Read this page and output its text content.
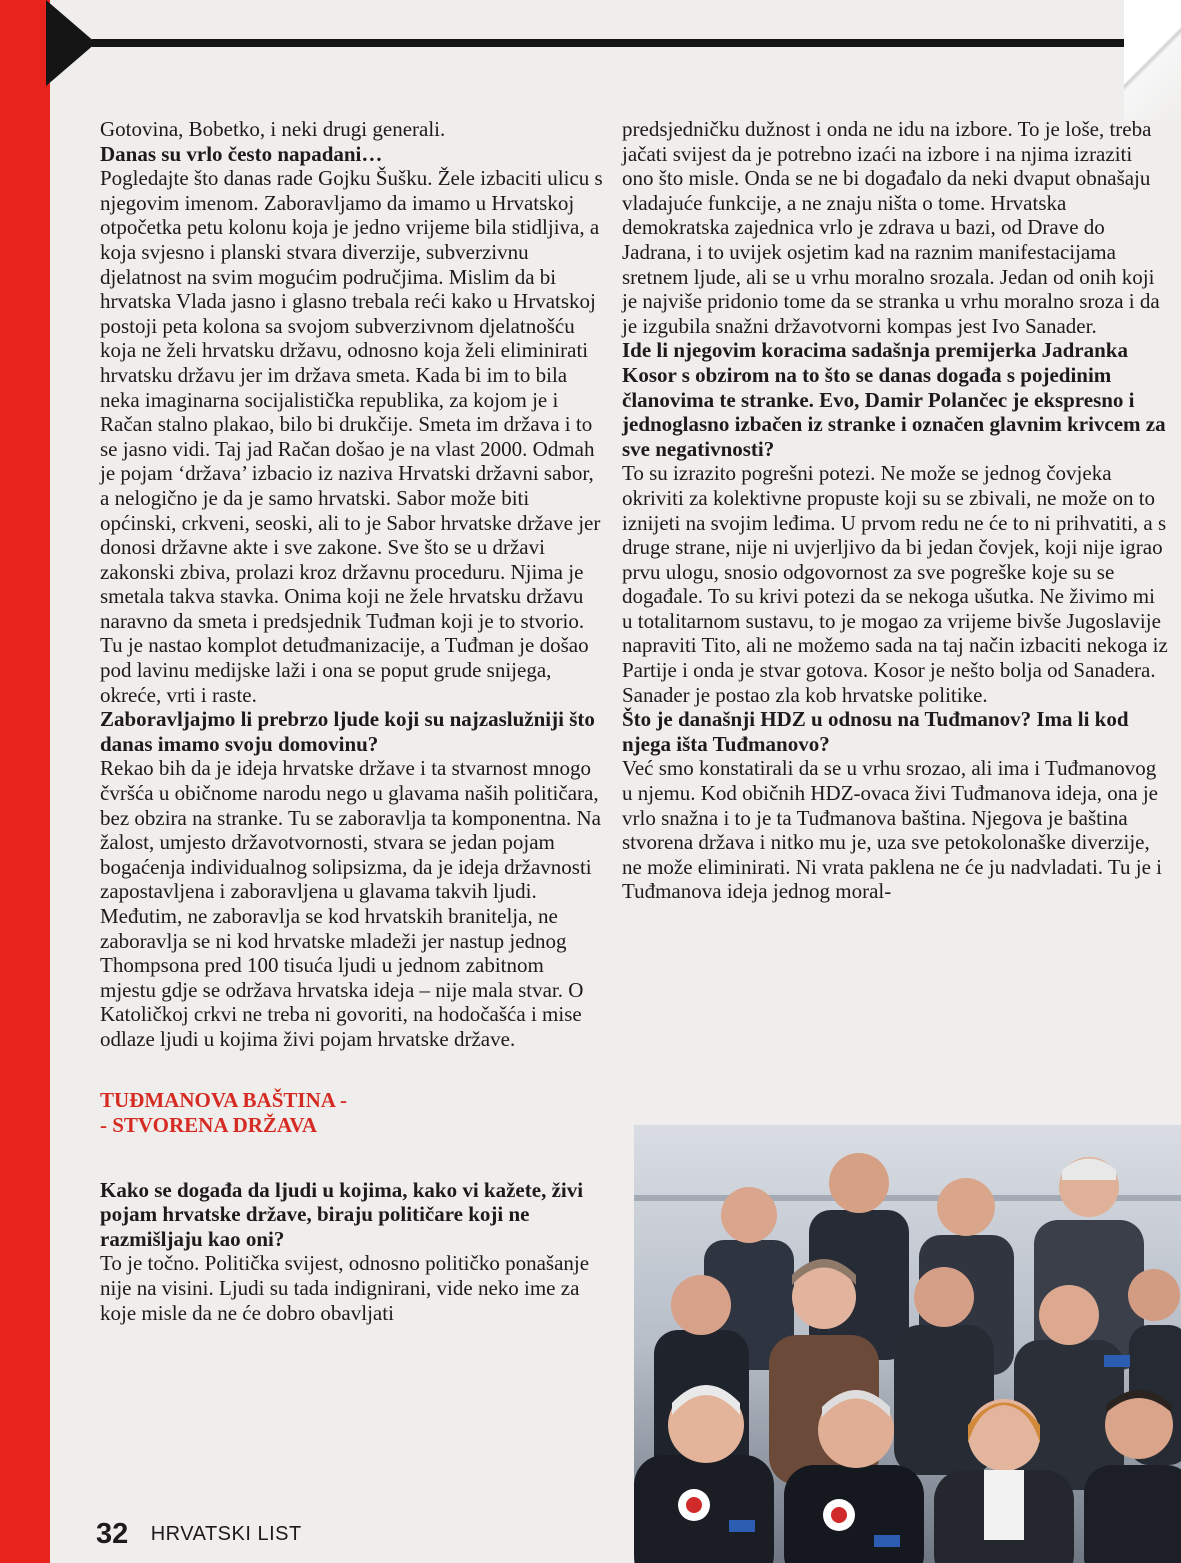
Gotovina, Bobetko, i neki drugi generali.

Danas su vrlo često napadani…

Pogledajte što danas rade Gojku Šušku. Žele izbaciti ulicu s njegovim imenom. Zaboravljamo da imamo u Hrvatskoj otpočetka petu kolonu koja je jedno vrijeme bila stidljiva, a koja svjesno i planski stvara diverzije, subverzivnu djelatnost na svim mogućim područjima. Mislim da bi hrvatska Vlada jasno i glasno trebala reći kako u Hrvatskoj postoji peta kolona sa svojom subverzivnom djelatnošću koja ne želi hrvatsku državu, odnosno koja želi eliminirati hrvatsku državu jer im država smeta. Kada bi im to bila neka imaginarna socijalistička republika, za kojom je i Račan stalno plakao, bilo bi drukčije. Smeta im država i to se jasno vidi. Taj jad Račan došao je na vlast 2000. Odmah je pojam ‘država’ izbacio iz naziva Hrvatski državni sabor, a nelogično je da je samo hrvatski. Sabor može biti općinski, crkveni, seoski, ali to je Sabor hrvatske države jer donosi državne akte i sve zakone. Sve što se u državi zakonski zbiva, prolazi kroz državnu proceduru. Njima je smetala takva stavka. Onima koji ne žele hrvatsku državu naravno da smeta i predsjednik Tuđman koji je to stvorio. Tu je nastao komplot detuđmanizacije, a Tuđman je došao pod lavinu medijske laži i ona se poput grude snijega, okreće, vrti i raste.

Zaboravljajmo li prebrzo ljude koji su najzaslužniji što danas imamo svoju domovinu?

Rekao bih da je ideja hrvatske države i ta stvarnost mnogo čvršća u običnome narodu nego u glavama naših političara, bez obzira na stranke. Tu se zaboravlja ta komponentna. Na žalost, umjesto državotvornosti, stvara se jedan pojam bogaćenja individualnog solipsizma, da je ideja državnosti zapostavljena i zaboravljena u glavama takvih ljudi. Međutim, ne zaboravlja se kod hrvatskih branitelja, ne zaboravlja se ni kod hrvatske mladeži jer nastup jednog Thompsona pred 100 tisuća ljudi u jednom zabitnom mjestu gdje se održava hrvatska ideja – nije mala stvar. O Katoličkoj crkvi ne treba ni govoriti, na hodočašća i mise odlaze ljudi u kojima živi pojam hrvatske države.

TUĐMANOVA BAŠTINA -
- STVORENA DRŽAVA

Kako se događa da ljudi u kojima, kako vi kažete, živi pojam hrvatske države, biraju političare koji ne razmišljaju kao oni?

To je točno. Politička svijest, odnosno političko ponašanje nije na visini. Ljudi su tada indignirani, vide neko ime za koje misle da ne će dobro obavljati

predsjedničku dužnost i onda ne idu na izbore. To je loše, treba jačati svijest da je potrebno izaći na izbore i na njima izraziti ono što misle. Onda se ne bi događalo da neki dvaput obnašaju vladajuće funkcije, a ne znaju ništa o tome. Hrvatska demokratska zajednica vrlo je zdrava u bazi, od Drave do Jadrana, i to uvijek osjetim kad na raznim manifestacijama sretnem ljude, ali se u vrhu moralno srozala. Jedan od onih koji je najviše pridonio tome da se stranka u vrhu moralno sroza i da je izgubila snažni državotvorni kompas jest Ivo Sanader.

Ide li njegovim koracima sadašnja premijerka Jadranka Kosor s obzirom na to što se danas događa s pojedinim članovima te stranke. Evo, Damir Polančec je ekspresno i jednoglasno izbačen iz stranke i označen glavnim krivcem za sve negativnosti?

To su izrazito pogrešni potezi. Ne može se jednog čovjeka okriviti za kolektivne propuste koji su se zbivali, ne može on to iznijeti na svojim leđima. U prvom redu ne će to ni prihvatiti, a s druge strane, nije ni uvjerljivo da bi jedan čovjek, koji nije igrao prvu ulogu, snosio odgovornost za sve pogreške koje su se događale. To su krivi potezi da se nekoga ušutka. Ne živimo mi u totalitarnom sustavu, to je mogao za vrijeme bivše Jugoslavije napraviti Tito, ali ne možemo sada na taj način izbaciti nekoga iz Partije i onda je stvar gotova. Kosor je nešto bolja od Sanadera. Sanader je postao zla kob hrvatske politike.

Što je današnji HDZ u odnosu na Tuđmanov? Ima li kod njega išta Tuđmanovo?

Već smo konstatirali da se u vrhu srozao, ali ima i Tuđmanovog u njemu. Kod običnih HDZ-ovaca živi Tuđmanova ideja, ona je vrlo snažna i to je ta Tuđmanova baština. Njegova je baština stvorena država i nitko mu je, uza sve petokolonaške diverzije, ne može eliminirati. Ni vrata paklena ne će ju nadvladati. Tu je i Tuđmanova ideja jednog moral-

32 HRVATSKI LIST
